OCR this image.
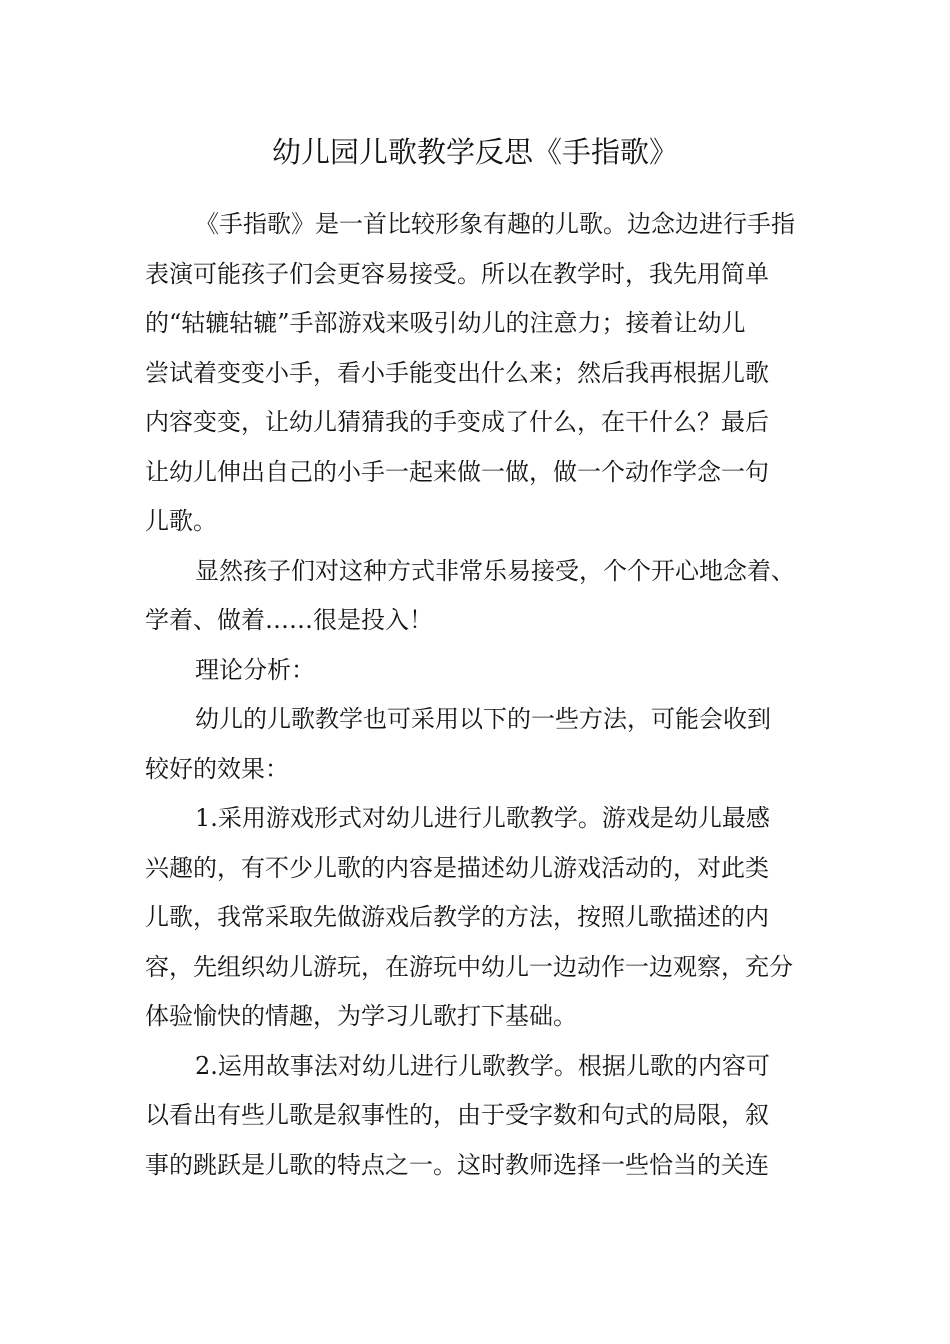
幼儿园儿歌教学反思《手指歌》
《手指歌》是一首比较形象有趣的儿歌。边念边进行手指
表演可能孩子们会更容易接受。所以在教学时，我先用简单
的“轱辘轱辘”手部游戏来吸引幼儿的注意力；接着让幼儿
尝试着变变小手，看小手能变出什么来；然后我再根据儿歌
内容变变，让幼儿猜猜我的手变成了什么，在干什么？最后
让幼儿伸出自己的小手一起来做一做，做一个动作学念一句
儿歌。
显然孩子们对这种方式非常乐易接受，个个开心地念着、
学着、做着……很是投入！
理论分析：
幼儿的儿歌教学也可采用以下的一些方法，可能会收到
较好的效果：
1.采用游戏形式对幼儿进行儿歌教学。游戏是幼儿最感
兴趣的，有不少儿歌的内容是描述幼儿游戏活动的，对此类
儿歌，我常采取先做游戏后教学的方法，按照儿歌描述的内
容，先组织幼儿游玩，在游玩中幼儿一边动作一边观察，充分
体验愉快的情趣，为学习儿歌打下基础。
2.运用故事法对幼儿进行儿歌教学。根据儿歌的内容可
以看出有些儿歌是叙事性的，由于受字数和句式的局限，叙
事的跳跃是儿歌的特点之一。这时教师选择一些恰当的关连
